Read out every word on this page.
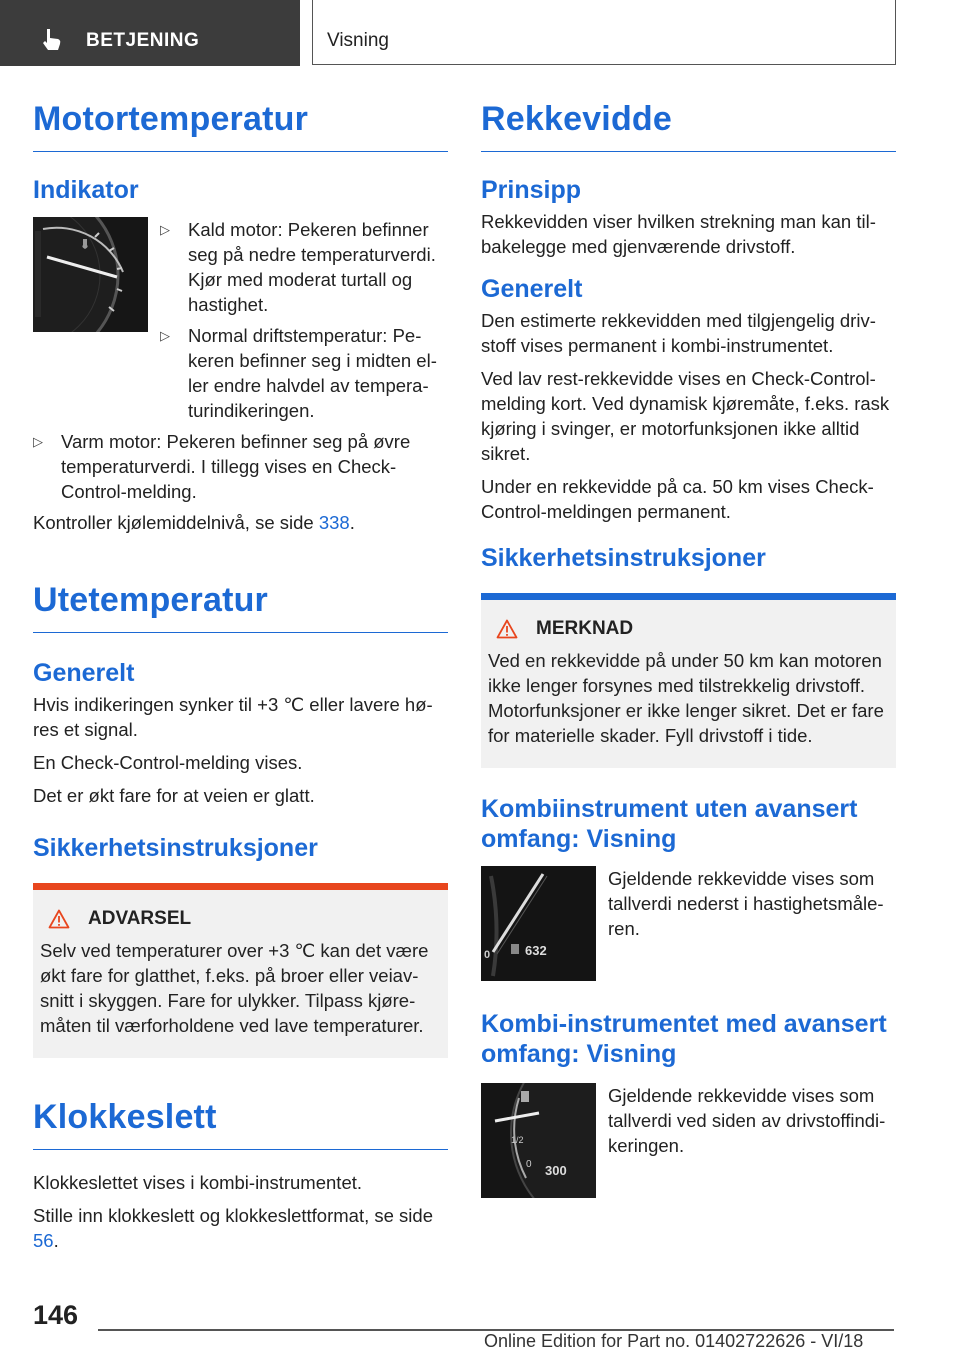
BETJENING	Visning
Motortemperatur
Indikator
▷ Kald motor: Pekeren befinner seg på nedre temperaturverdi. Kjør med moderat turtall og hastighet.
▷ Normal driftstemperatur: Pekeren befinner seg i midten eller endre halvdel av temperaturindikeringen.
▷ Varm motor: Pekeren befinner seg på øvre temperaturverdi. I tillegg vises en Check-Control-melding.

Kontroller kjølemiddelnivå, se side 338.

Utetemperatur
Generelt

Hvis indikeringen synker til +3 ℃ eller lavere høres et signal.

En Check-Control-melding vises.

Det er økt fare for at veien er glatt.

Sikkerhetsinstruksjoner
ADVARSEL

Selv ved temperaturer over +3 ℃ kan det være økt fare for glatthet, f.eks. på broer eller veiavsnitt i skyggen. Fare for ulykker. Tilpass kjøremåten til værforholdene ved lave temperaturer.

Klokkeslett

Klokkeslettet vises i kombi-instrumentet.

Stille inn klokkeslett og klokkeslettformat, se side 56.

Rekkevidde
Prinsipp

Rekkevidden viser hvilken strekning man kan tilbakelegge med gjenværende drivstoff.

Generelt

Den estimerte rekkevidden med tilgjengelig drivstoff vises permanent i kombi-instrumentet.

Ved lav rest-rekkevidde vises en Check-Control-melding kort. Ved dynamisk kjøremåte, f.eks. rask kjøring i svinger, er motorfunksjonen ikke alltid sikret.

Under en rekkevidde på ca. 50 km vises Check-Control-meldingen permanent.

Sikkerhetsinstruksjoner
MERKNAD

Ved en rekkevidde på under 50 km kan motoren ikke lenger forsynes med tilstrekkelig drivstoff. Motorfunksjoner er ikke lenger sikret. Det er fare for materielle skader. Fyll drivstoff i tide.

Kombiinstrument uten avansert omfang: Visning
0	632

Gjeldende rekkevidde vises som tallverdi nederst i hastighetsmåleren.

Kombi-instrumentet med avansert omfang: Visning
1/2
0 300

Gjeldende rekkevidde vises som tallverdi ved siden av drivstoffindikeringen.

146
Online Edition for Part no. 01402722626 - VI/18
